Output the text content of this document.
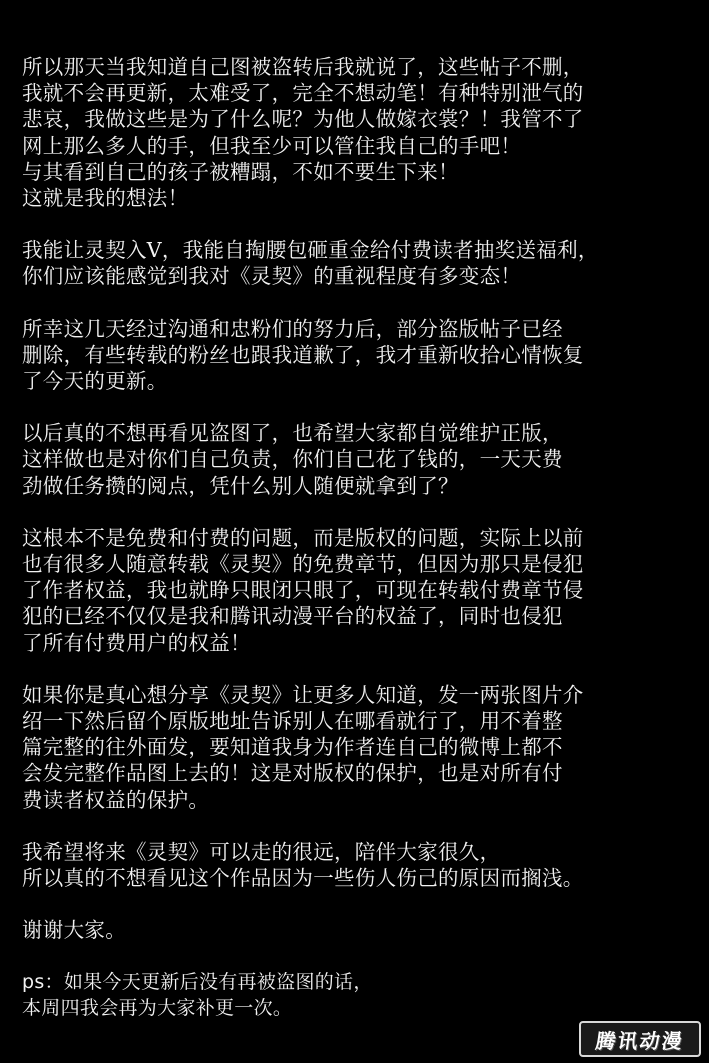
所以那天当我知道自己图被盗转后我就说了，这些帖子不删，
我就不会再更新，太难受了，完全不想动笔！有种特别泄气的
悲哀，我做这些是为了什么呢？为他人做嫁衣裳？！我管不了
网上那么多人的手，但我至少可以管住我自己的手吧！
与其看到自己的孩子被糟蹋，不如不要生下来！
这就是我的想法！

我能让灵契入V，我能自掏腰包砸重金给付费读者抽奖送福利，
你们应该能感觉到我对《灵契》的重视程度有多变态！

所幸这几天经过沟通和忠粉们的努力后，部分盗版帖子已经
删除，有些转载的粉丝也跟我道歉了，我才重新收拾心情恢复
了今天的更新。

以后真的不想再看见盗图了，也希望大家都自觉维护正版，
这样做也是对你们自己负责，你们自己花了钱的，一天天费
劲做任务攒的阅点，凭什么别人随便就拿到了？

这根本不是免费和付费的问题，而是版权的问题，实际上以前
也有很多人随意转载《灵契》的免费章节，但因为那只是侵犯
了作者权益，我也就睁只眼闭只眼了，可现在转载付费章节侵
犯的已经不仅仅是我和腾讯动漫平台的权益了，同时也侵犯
了所有付费用户的权益！

如果你是真心想分享《灵契》让更多人知道，发一两张图片介
绍一下然后留个原版地址告诉别人在哪看就行了，用不着整
篇完整的往外面发，要知道我身为作者连自己的微博上都不
会发完整作品图上去的！这是对版权的保护，也是对所有付
费读者权益的保护。

我希望将来《灵契》可以走的很远，陪伴大家很久，
所以真的不想看见这个作品因为一些伤人伤己的原因而搁浅。

谢谢大家。

ps：如果今天更新后没有再被盗图的话，
本周四我会再为大家补更一次。

腾讯动漫
